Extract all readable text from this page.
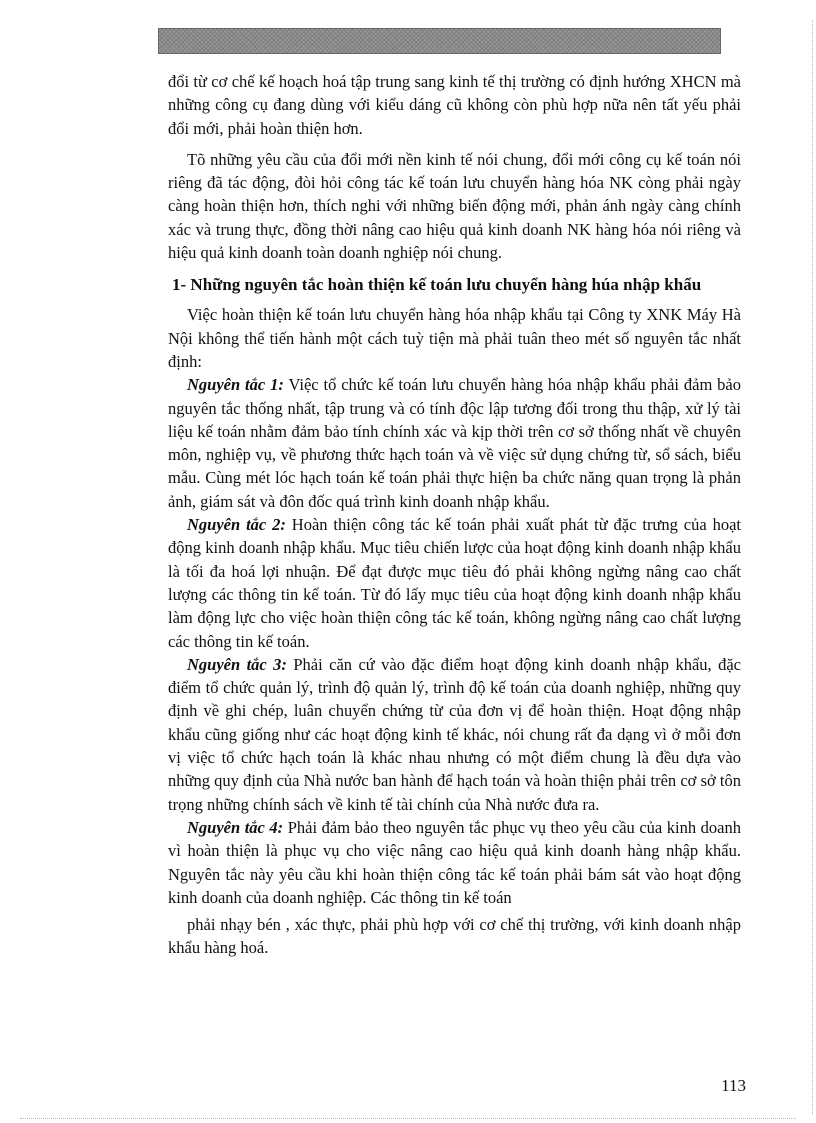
đổi từ cơ chế kế hoạch hoá tập trung sang kinh tế thị trường có định hướng XHCN mà những công cụ đang dùng với kiểu dáng cũ không còn phù hợp nữa nên tất yếu phải đổi mới, phải hoàn thiện hơn.

Tõ những yêu cầu của đổi mới nền kinh tế nói chung, đổi mới công cụ kế toán nói riêng đã tác động, đòi hỏi công tác kế toán lưu chuyển hàng hóa NK còng phải ngày càng hoàn thiện hơn, thích nghi với những biến động mới, phản ánh ngày càng chính xác và trung thực, đồng thời nâng cao hiệu quả kinh doanh NK hàng hóa nói riêng và hiệu quả kinh doanh toàn doanh nghiệp nói chung.

1- Những nguyên tắc hoàn thiện kế toán lưu chuyển hàng húa nhập khẩu

Việc hoàn thiện kế toán lưu chuyển hàng hóa nhập khẩu tại Công ty XNK Máy Hà Nội không thể tiến hành một cách tuỳ tiện mà phải tuân theo mét số nguyên tắc nhất định:

Nguyên tắc 1: Việc tổ chức kế toán lưu chuyển hàng hóa nhập khẩu phải đảm bảo nguyên tắc thống nhất, tập trung và có tính độc lập tương đối trong thu thập, xử lý tài liệu kế toán nhằm đảm bảo tính chính xác và kịp thời trên cơ sở thống nhất về chuyên môn, nghiệp vụ, về phương thức hạch toán và về việc sử dụng chứng từ, sổ sách, biểu mẫu. Cùng mét lóc hạch toán kế toán phải thực hiện ba chức năng quan trọng là phản ảnh, giám sát và đôn đốc quá trình kinh doanh nhập khẩu.

Nguyên tắc 2: Hoàn thiện công tác kế toán phải xuất phát từ đặc trưng của hoạt động kinh doanh nhập khẩu. Mục tiêu chiến lược của hoạt động kinh doanh nhập khẩu là tối đa hoá lợi nhuận. Để đạt được mục tiêu đó phải không ngừng nâng cao chất lượng các thông tin kế toán. Từ đó lấy mục tiêu của hoạt động kinh doanh nhập khẩu làm động lực cho việc hoàn thiện công tác kế toán, không ngừng nâng cao chất lượng các thông tin kế toán.

Nguyên tắc 3: Phải căn cứ vào đặc điểm hoạt động kinh doanh nhập khẩu, đặc điểm tổ chức quản lý, trình độ quản lý, trình độ kế toán của doanh nghiệp, những quy định về ghi chép, luân chuyển chứng từ của đơn vị để hoàn thiện. Hoạt động nhập khẩu cũng giống như các hoạt động kinh tế khác, nói chung rất đa dạng vì ở mỗi đơn vị việc tổ chức hạch toán là khác nhau nhưng có một điểm chung là đều dựa vào những quy định của Nhà nước ban hành để hạch toán và hoàn thiện phải trên cơ sở tôn trọng những chính sách về kinh tế tài chính của Nhà nước đưa ra.

Nguyên tắc 4: Phải đảm bảo theo nguyên tắc phục vụ theo yêu cầu của kinh doanh vì hoàn thiện là phục vụ cho việc nâng cao hiệu quả kinh doanh hàng nhập khẩu. Nguyên tắc này yêu cầu khi hoàn thiện công tác kế toán phải bám sát vào hoạt động kinh doanh của doanh nghiệp. Các thông tin kế toán

phải nhạy bén , xác thực, phải phù hợp với cơ chế thị trường, với kinh doanh nhập khẩu hàng hoá.

113
